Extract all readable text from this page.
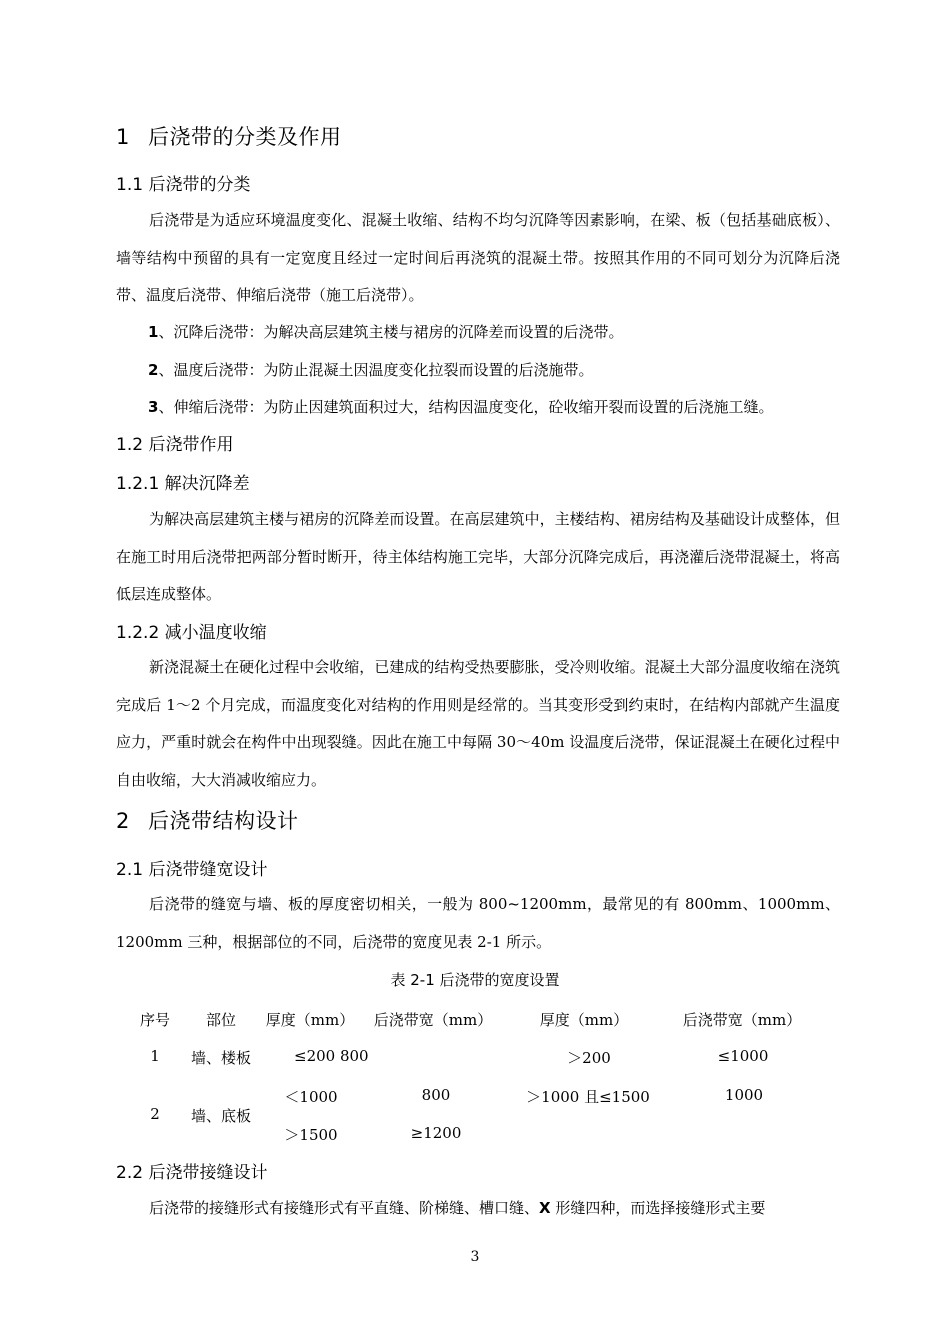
1 后浇带的分类及作用
1.1 后浇带的分类

后浇带是为适应环境温度变化、混凝土收缩、结构不均匀沉降等因素影响，在梁、板（包括基础底板）、墙等结构中预留的具有一定宽度且经过一定时间后再浇筑的混凝土带。按照其作用的不同可划分为沉降后浇带、温度后浇带、伸缩后浇带（施工后浇带）。

1、沉降后浇带：为解决高层建筑主楼与裙房的沉降差而设置的后浇带。
2、温度后浇带：为防止混凝土因温度变化拉裂而设置的后浇施带。
3、伸缩后浇带：为防止因建筑面积过大，结构因温度变化，砼收缩开裂而设置的后浇施工缝。
1.2 后浇带作用
1.2.1 解决沉降差

为解决高层建筑主楼与裙房的沉降差而设置。在高层建筑中，主楼结构、裙房结构及基础设计成整体，但在施工时用后浇带把两部分暂时断开，待主体结构施工完毕，大部分沉降完成后，再浇灌后浇带混凝土，将高低层连成整体。

1.2.2 减小温度收缩

新浇混凝土在硬化过程中会收缩，已建成的结构受热要膨胀，受冷则收缩。混凝土大部分温度收缩在浇筑完成后 1～2 个月完成，而温度变化对结构的作用则是经常的。当其变形受到约束时，在结构内部就产生温度应力，严重时就会在构件中出现裂缝。因此在施工中每隔 30～40m 设温度后浇带，保证混凝土在硬化过程中自由收缩，大大消减收缩应力。

2 后浇带结构设计
2.1 后浇带缝宽设计

后浇带的缝宽与墙、板的厚度密切相关，一般为 800~1200mm，最常见的有 800mm、1000mm、1200mm 三种，根据部位的不同，后浇带的宽度见表 2-1 所示。

表 2-1 后浇带的宽度设置
序号 部位 厚度（mm） 后浇带宽（mm）	厚度（mm）	后浇带宽（mm）
1 墙、楼板	≤200 800	＞200	≤1000
2 墙、底板
＜1000	800	＞1000 且≤1500	1000
＞1500	≥1200
2.2 后浇带接缝设计

后浇带的接缝形式有接缝形式有平直缝、阶梯缝、槽口缝、X 形缝四种，而选择接缝形式主要

3
